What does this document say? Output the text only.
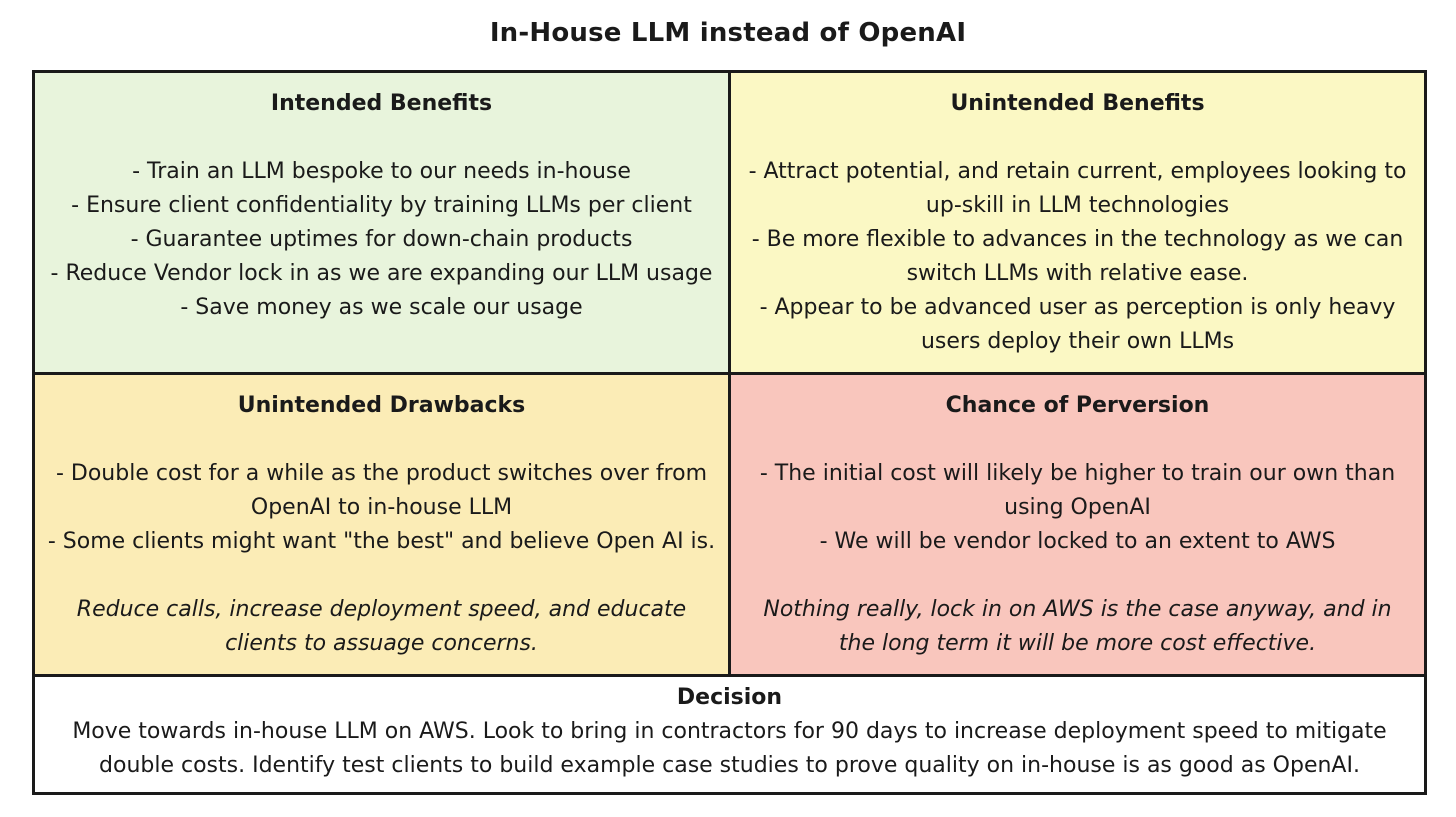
In-House LLM instead of OpenAI
Intended Benefits
- Train an LLM bespoke to our needs in-house
- Ensure client confidentiality by training LLMs per client
- Guarantee uptimes for down-chain products
- Reduce Vendor lock in as we are expanding our LLM usage
- Save money as we scale our usage
Unintended Benefits
- Attract potential, and retain current, employees looking to up-skill in LLM technologies
- Be more flexible to advances in the technology as we can switch LLMs with relative ease.
- Appear to be advanced user as perception is only heavy users deploy their own LLMs
Unintended Drawbacks
- Double cost for a while as the product switches over from OpenAI to in-house LLM
- Some clients might want "the best" and believe Open AI is.
Reduce calls, increase deployment speed, and educate clients to assuage concerns.
Chance of Perversion
- The initial cost will likely be higher to train our own than using OpenAI
- We will be vendor locked to an extent to AWS
Nothing really, lock in on AWS is the case anyway, and in the long term it will be more cost effective.
Decision

Move towards in-house LLM on AWS. Look to bring in contractors for 90 days to increase deployment speed to mitigate double costs. Identify test clients to build example case studies to prove quality on in-house is as good as OpenAI.
